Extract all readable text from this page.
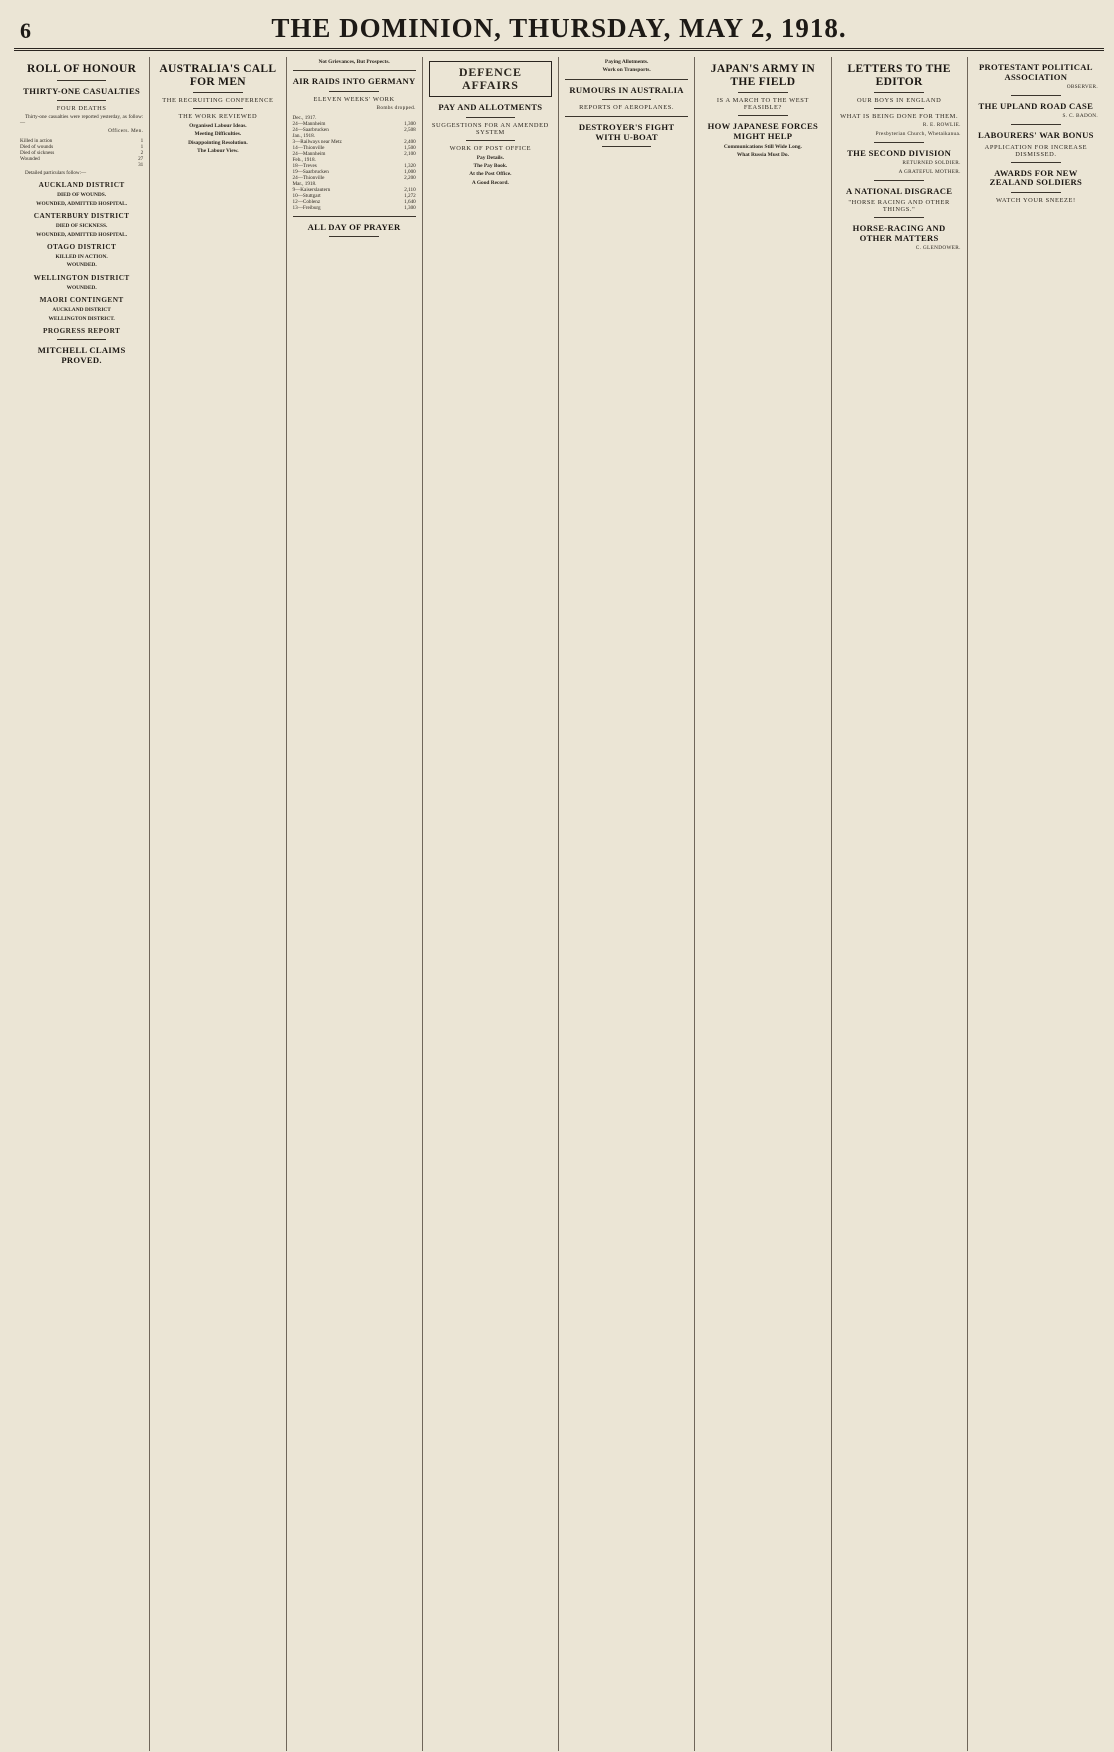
6	THE DOMINION, THURSDAY, MAY 2, 1918.
ROLL OF HONOUR
THIRTY-ONE CASUALTIES
FOUR DEATHS

Thirty-one casualties were reported yesterday, as follow:—

Officers. Men.
Killed in action	1
Died of wounds	1
Died of sickness	2
Wounded	27
	31

Detailed particulars follow:—

AUCKLAND DISTRICT
DIED OF WOUNDS.
WOUNDED, ADMITTED HOSPITAL.
CANTERBURY DISTRICT
DIED OF SICKNESS.
WOUNDED, ADMITTED HOSPITAL.
OTAGO DISTRICT
KILLED IN ACTION.
WOUNDED.
WELLINGTON DISTRICT
WOUNDED.
MAORI CONTINGENT
AUCKLAND DISTRICT
WELLINGTON DISTRICT.
PROGRESS REPORT
MITCHELL CLAIMS PROVED.
AUSTRALIA'S CALL FOR MEN
THE RECRUITING CONFERENCE
THE WORK REVIEWED
Organised Labour Ideas.
Meeting Difficulties.
Disappointing Resolution.
The Labour View.
Not Grievances, But Prospects.
AIR RAIDS INTO GERMANY
ELEVEN WEEKS' WORK
Bombs dropped.
Dec., 1917.	
24—Mannheim	1,300
24—Saarbrucken	2,508
Jan., 1918.	
3—Railways near Metz	2,400
14—Thionville	1,500
24—Mannheim	2,100
Feb., 1918.	
18—Treves	1,320
19—Saarbrucken	1,000
24—Thionville	2,200
Mar., 1918.	
9—Kaiserslautern	2,110
10—Stuttgart	1,272
12—Coblenz	1,640
13—Freiburg	1,300
ALL DAY OF PRAYER
DEFENCE AFFAIRS
PAY AND ALLOTMENTS
SUGGESTIONS FOR AN AMENDED SYSTEM
WORK OF POST OFFICE
Pay Details.
The Pay Book.
At the Post Office.
A Good Record.
Paying Allotments.
Work on Transports.
RUMOURS IN AUSTRALIA
REPORTS OF AEROPLANES.
DESTROYER'S FIGHT WITH U-BOAT
JAPAN'S ARMY IN THE FIELD
IS A MARCH TO THE WEST FEASIBLE?
HOW JAPANESE FORCES MIGHT HELP
Communications Still Wide Long.
What Russia Must Do.
LETTERS TO THE EDITOR
OUR BOYS IN ENGLAND
WHAT IS BEING DONE FOR THEM.
R. E. ROWLIE.
Presbyterian Church, Whetaikanua.
THE SECOND DIVISION
RETURNED SOLDIER.
A GRATEFUL MOTHER.
A NATIONAL DISGRACE
"HORSE RACING AND OTHER THINGS."
HORSE-RACING AND OTHER MATTERS
C. GLENDOWER.
PROTESTANT POLITICAL ASSOCIATION
OBSERVER.
THE UPLAND ROAD CASE
S. C. BADON.
LABOURERS' WAR BONUS
APPLICATION FOR INCREASE DISMISSED.
AWARDS FOR NEW ZEALAND SOLDIERS
WATCH YOUR SNEEZE!
